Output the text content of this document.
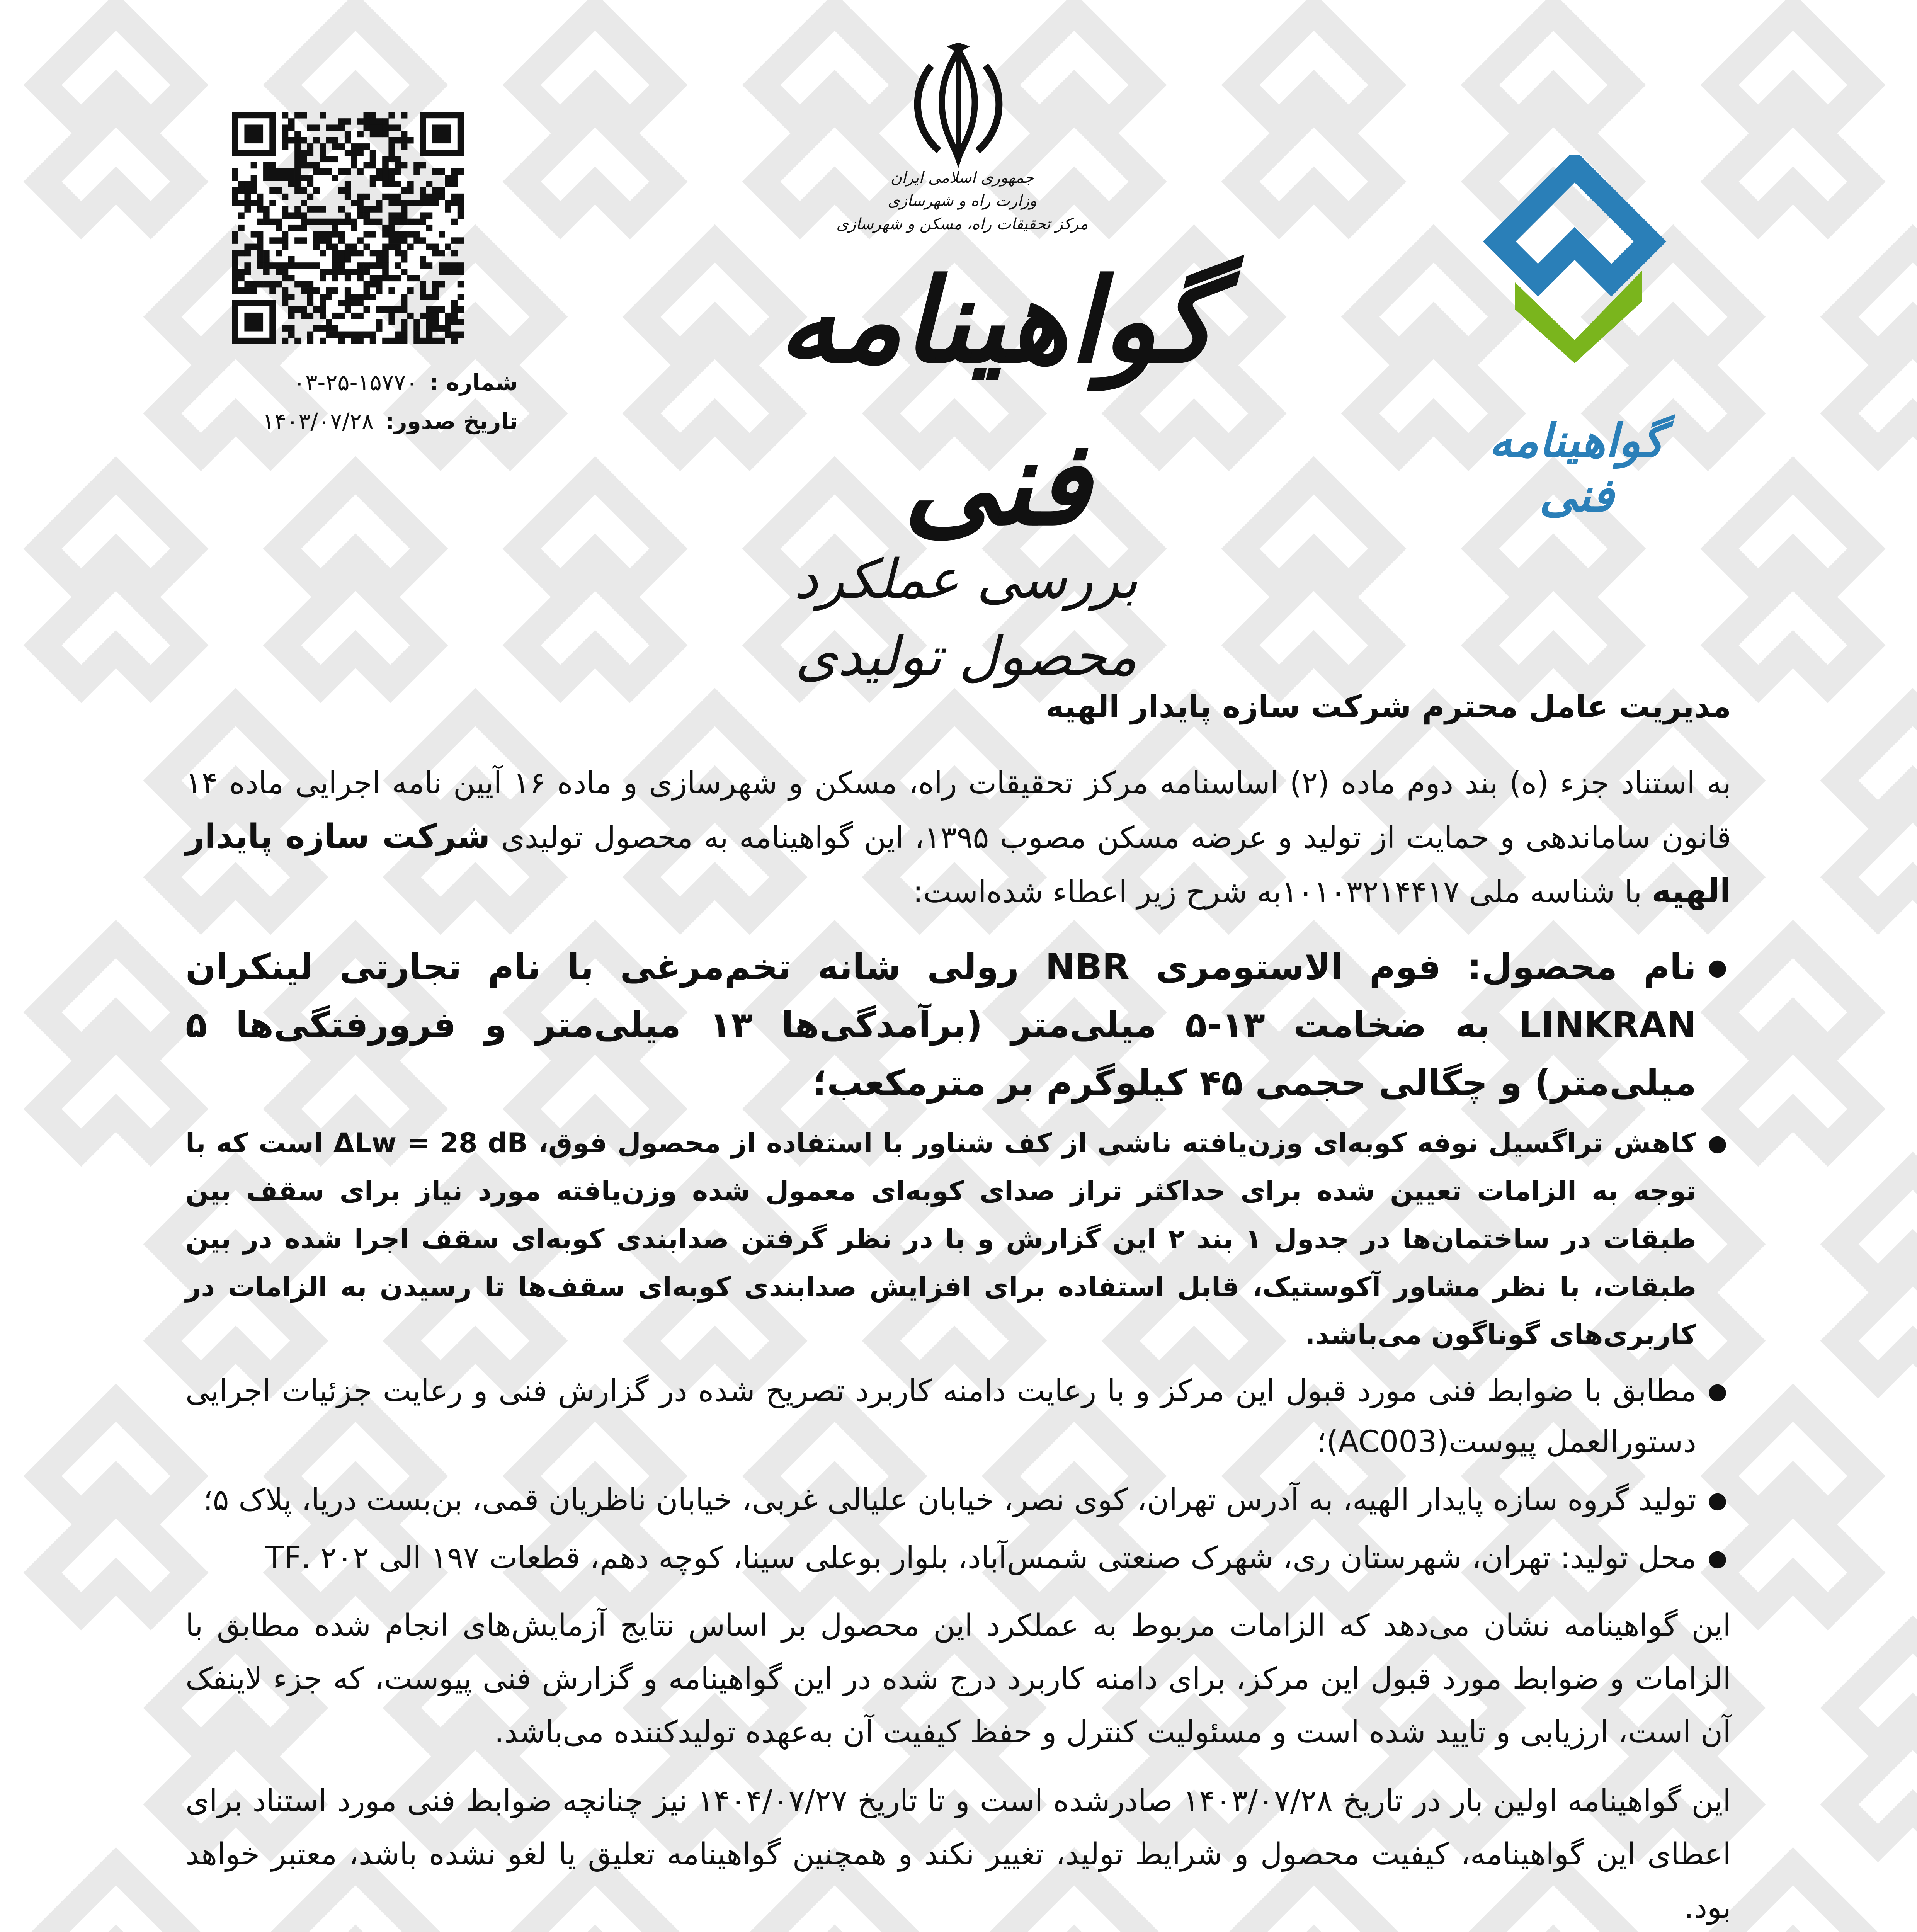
شماره :
۰۳-۲۵-۱۵۷۷۰
تاریخ صدور:
۱۴۰۳/۰۷/۲۸
جمهوری اسلامی ایران
وزارت راه و شهرسازی
مرکز تحقیقات راه، مسکن و شهرسازی
گواهینامه فنی
بررسی عملکرد محصول تولیدی
گواهینامه فنی

مدیریت عامل محترم شرکت سازه پایدار الهیه

به استناد جزء (ه) بند دوم ماده (۲) اساسنامه مرکز تحقیقات راه، مسکن و شهرسازی و ماده ۱۶ آیین نامه اجرایی ماده ۱۴ قانون ساماندهی و حمایت از تولید و عرضه مسکن مصوب ۱۳۹۵، این گواهینامه به محصول تولیدی شرکت سازه پایدار الهیه با شناسه ملی ۱۰۱۰۳۲۱۴۴۱۷به شرح زیر اعطاء شده‌است:

● نام محصول: فوم الاستومری NBR رولی شانه تخم‌مرغی با نام تجارتی لینکران LINKRAN به ضخامت ۱۳-۵ میلی‌متر (برآمدگی‌ها ۱۳ میلی‌متر و فرورفتگی‌ها ۵ میلی‌متر) و چگالی حجمی ۴۵ کیلوگرم بر مترمکعب؛
● کاهش تراگسیل نوفه کوبه‌ای وزن‌یافته ناشی از کف شناور با استفاده از محصول فوق، ΔLw = 28 dB است که با توجه به الزامات تعیین شده برای حداکثر تراز صدای کوبه‌ای معمول شده وزن‌یافته مورد نیاز برای سقف بین طبقات در ساختمان‌ها در جدول ۱ بند ۲ این گزارش و با در نظر گرفتن صدابندی کوبه‌ای سقف اجرا شده در بین طبقات، با نظر مشاور آکوستیک، قابل استفاده برای افزایش صدابندی کوبه‌ای سقف‌ها تا رسیدن به الزامات در کاربری‌های گوناگون می‌باشد.
● مطابق با ضوابط فنی مورد قبول این مرکز و با رعایت دامنه کاربرد تصریح شده در گزارش فنی و رعایت جزئیات اجرایی دستورالعمل پیوست(AC003)؛
● تولید گروه سازه پایدار الهیه، به آدرس تهران، کوی نصر، خیابان علیالی غربی، خیابان ناظریان قمی، بن‌بست دریا، پلاک ۵؛
● محل تولید: تهران، شهرستان ری، شهرک صنعتی شمس‌آباد، بلوار بوعلی سینا، کوچه دهم، قطعات ۱۹۷ الی ۲۰۲ .TF

این گواهینامه نشان می‌دهد که الزامات مربوط به عملکرد این محصول بر اساس نتایج آزمایش‌های انجام شده مطابق با الزامات و ضوابط مورد قبول این مرکز، برای دامنه کاربرد درج شده در این گواهینامه و گزارش فنی پیوست، که جزء لاینفک آن است، ارزیابی و تایید شده است و مسئولیت کنترل و حفظ کیفیت آن به‌عهده تولیدکننده می‌باشد.

این گواهینامه اولین بار در تاریخ ۱۴۰۳/۰۷/۲۸ صادرشده است و تا تاریخ ۱۴۰۴/۰۷/۲۷ نیز چنانچه ضوابط فنی مورد استناد برای اعطای این گواهینامه، کیفیت محصول و شرایط تولید، تغییر نکند و همچنین گواهینامه تعلیق یا لغو نشده باشد، معتبر خواهد بود.
